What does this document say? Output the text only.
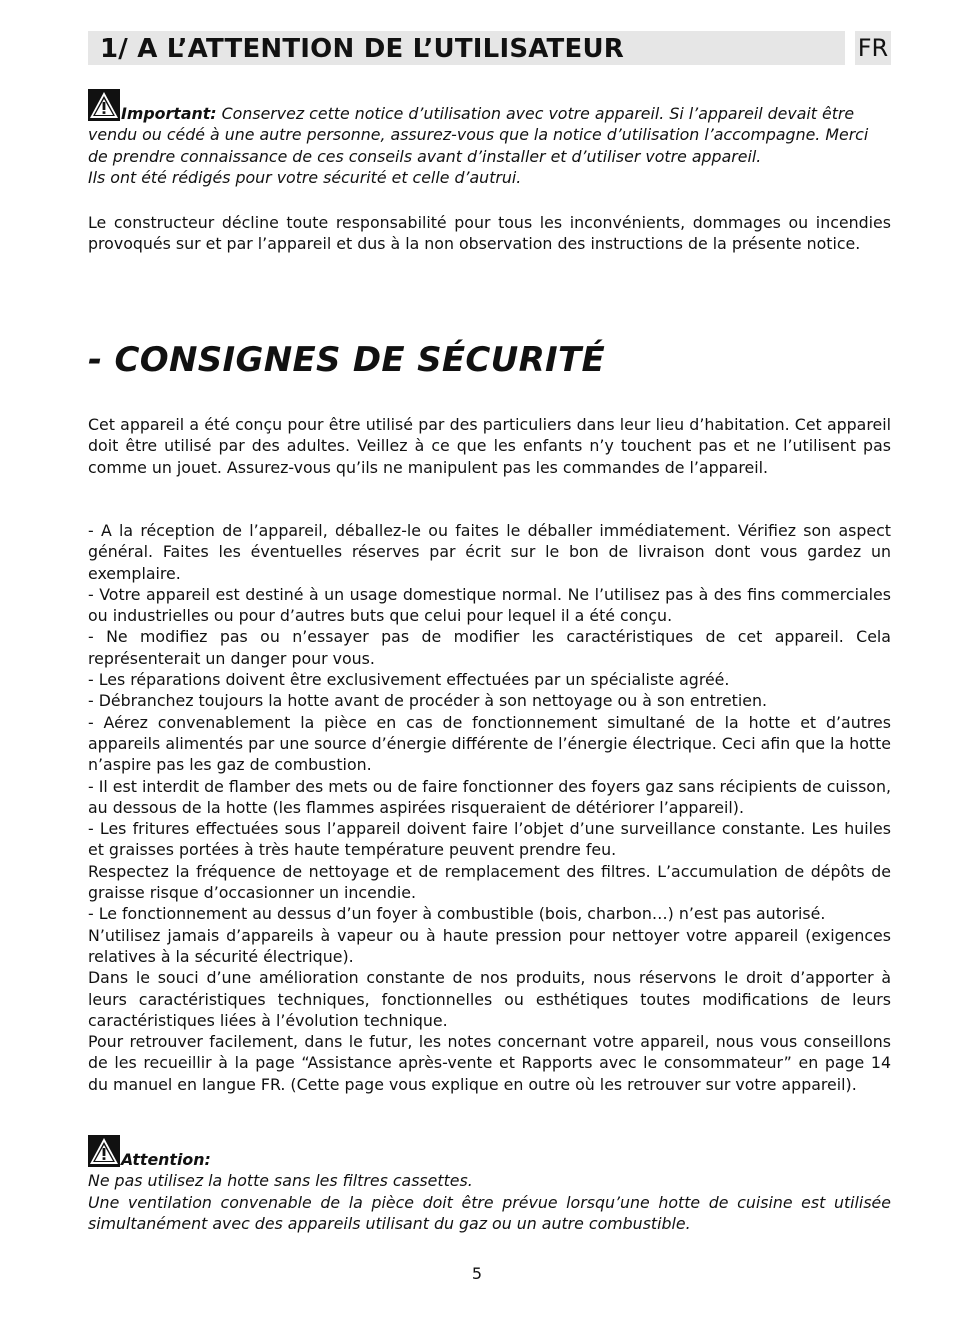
1/ A L’ATTENTION DE L’UTILISATEUR	FR

Important: Conservez cette notice d’utilisation avec votre appareil. Si l’appareil devait être vendu ou cédé à une autre personne, assurez-vous que la notice d’utilisation l’accompagne. Merci de prendre connaissance de ces conseils avant d’installer et d’utiliser votre appareil.

Ils ont été rédigés pour votre sécurité et celle d’autrui.

Le constructeur décline toute responsabilité pour tous les inconvénients, dommages ou incendies provoqués sur et par l’appareil et dus à la non observation des instructions de la présente notice.

- CONSIGNES DE SÉCURITÉ

Cet appareil a été conçu pour être utilisé par des particuliers dans leur lieu d’habitation. Cet appareil doit être utilisé par des adultes. Veillez à ce que les enfants n’y touchent pas et ne l’utilisent pas comme un jouet. Assurez-vous qu’ils ne manipulent pas les commandes de l’appareil.

- A la réception de l’appareil, déballez-le ou faites le déballer immédiatement. Vérifiez son aspect général. Faites les éventuelles réserves par écrit sur le bon de livraison dont vous gardez un exemplaire.

- Votre appareil est destiné à un usage domestique normal. Ne l’utilisez pas à des fins commerciales ou industrielles ou pour d’autres buts que celui pour lequel il a été conçu.

- Ne modifiez pas ou n’essayer pas de modifier les caractéristiques de cet appareil. Cela représenterait un danger pour vous.

- Les réparations doivent être exclusivement effectuées par un spécialiste agréé.

- Débranchez toujours la hotte avant de procéder à son nettoyage ou à son entretien.

- Aérez convenablement la pièce en cas de fonctionnement simultané de la hotte et d’autres appareils alimentés par une source d’énergie différente de l’énergie électrique. Ceci afin que la hotte n’aspire pas les gaz de combustion.

- Il est interdit de flamber des mets ou de faire fonctionner des foyers gaz sans récipients de cuisson, au dessous de la hotte (les flammes aspirées risqueraient de détériorer l’appareil).

- Les fritures effectuées sous l’appareil doivent faire l’objet d’une surveillance constante. Les huiles et graisses portées à très haute température peuvent prendre feu.

Respectez la fréquence de nettoyage et de remplacement des filtres. L’accumulation de dépôts de graisse risque d’occasionner un incendie.

- Le fonctionnement au dessus d’un foyer à combustible (bois, charbon…) n’est pas autorisé.

N’utilisez jamais d’appareils à vapeur ou à haute pression pour nettoyer votre appareil (exigences relatives à la sécurité électrique).

Dans le souci d’une amélioration constante de nos produits, nous réservons le droit d’apporter à leurs caractéristiques techniques, fonctionnelles ou esthétiques toutes modifications de leurs caractéristiques liées à l’évolution technique.

Pour retrouver facilement, dans le futur, les notes concernant votre appareil, nous vous conseillons de les recueillir à la page “Assistance après-vente et Rapports avec le consommateur” en page 14 du manuel en langue FR. (Cette page vous explique en outre où les retrouver sur votre appareil).

Attention:

Ne pas utilisez la hotte sans les filtres cassettes.

Une ventilation convenable de la pièce doit être prévue lorsqu’une hotte de cuisine est utilisée simultanément avec des appareils utilisant du gaz ou un autre combustible.

5
